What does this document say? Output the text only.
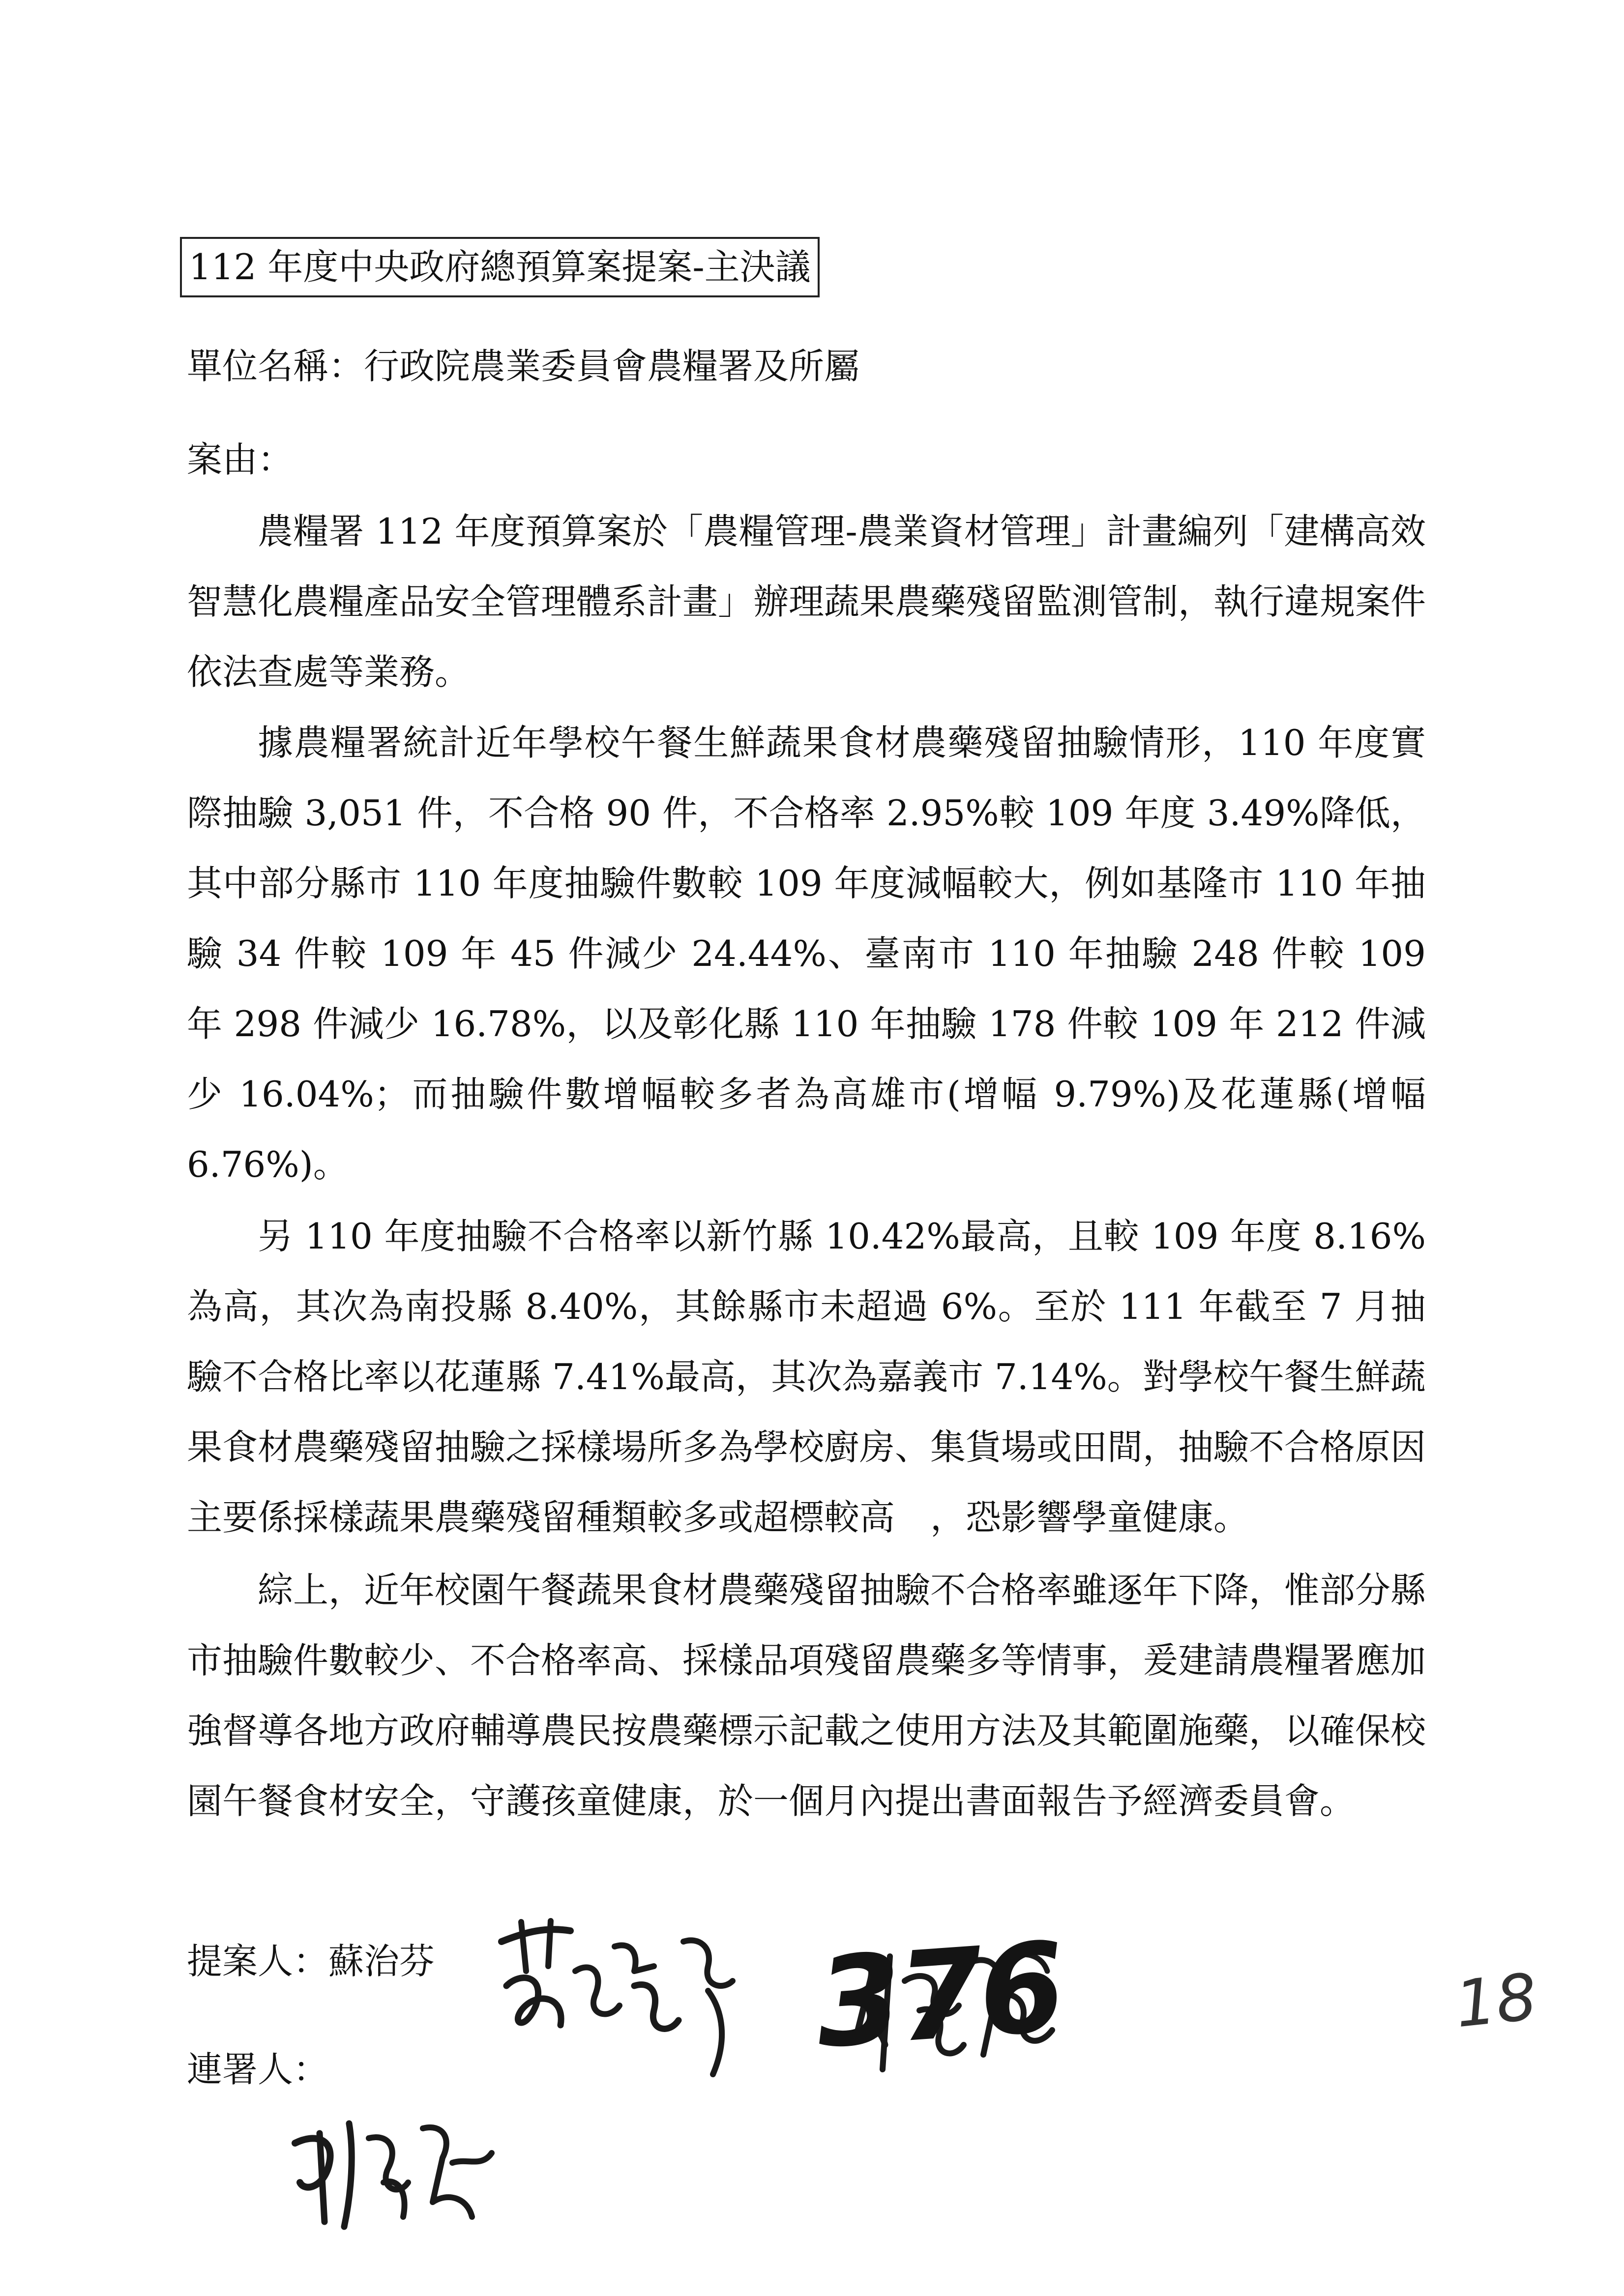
112 年度中央政府總預算案提案-主決議
單位名稱：行政院農業委員會農糧署及所屬
案由：

農糧署 112 年度預算案於「農糧管理-農業資材管理」計畫編列「建構高效智慧化農糧產品安全管理體系計畫」辦理蔬果農藥殘留監測管制，執行違規案件依法查處等業務。

據農糧署統計近年學校午餐生鮮蔬果食材農藥殘留抽驗情形，110 年度實際抽驗 3,051 件，不合格 90 件，不合格率 2.95%較 109 年度 3.49%降低，其中部分縣市 110 年度抽驗件數較 109 年度減幅較大，例如基隆市 110 年抽驗 34 件較 109 年 45 件減少 24.44%、臺南市 110 年抽驗 248 件較 109 年 298 件減少 16.78%，以及彰化縣 110 年抽驗 178 件較 109 年 212 件減少 16.04%；而抽驗件數增幅較多者為高雄市(增幅 9.79%)及花蓮縣(增幅 6.76%)。

另 110 年度抽驗不合格率以新竹縣 10.42%最高，且較 109 年度 8.16%為高，其次為南投縣 8.40%，其餘縣市未超過 6%。至於 111 年截至 7 月抽驗不合格比率以花蓮縣 7.41%最高，其次為嘉義市 7.14%。對學校午餐生鮮蔬果食材農藥殘留抽驗之採樣場所多為學校廚房、集貨場或田間，抽驗不合格原因主要係採樣蔬果農藥殘留種類較多或超標較高　，恐影響學童健康。

綜上，近年校園午餐蔬果食材農藥殘留抽驗不合格率雖逐年下降，惟部分縣市抽驗件數較少、不合格率高、採樣品項殘留農藥多等情事，爰建請農糧署應加強督導各地方政府輔導農民按農藥標示記載之使用方法及其範圍施藥，以確保校園午餐食材安全，守護孩童健康，於一個月內提出書面報告予經濟委員會。

提案人：蘇治芬
連署人：	376	18
